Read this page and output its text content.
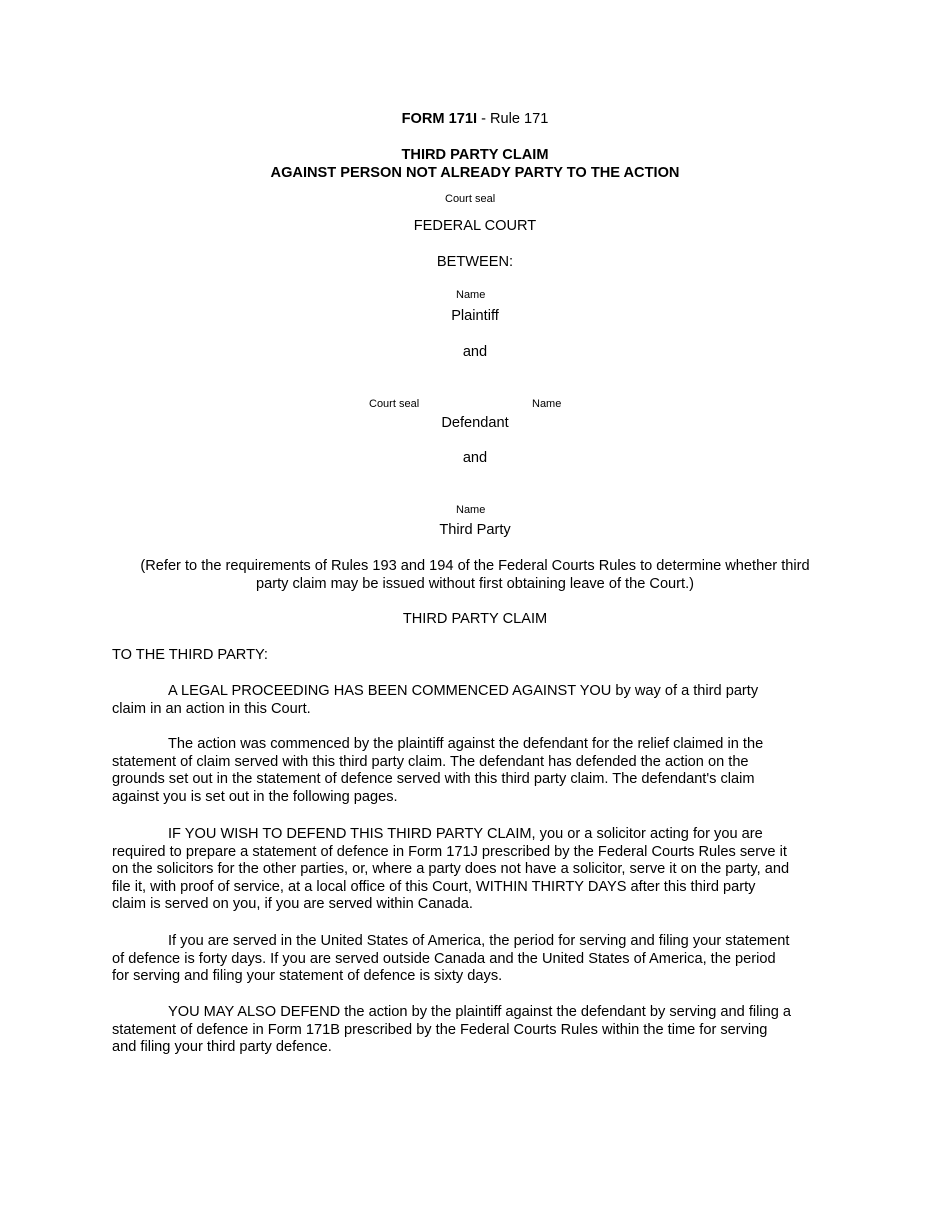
FORM 171I - Rule 171
THIRD PARTY CLAIM
AGAINST PERSON NOT ALREADY PARTY TO THE ACTION
Court seal
FEDERAL COURT
BETWEEN:
Name
Plaintiff
and
Court seal	Name
Defendant
and
Name
Third Party
(Refer to the requirements of Rules 193 and 194 of the Federal Courts Rules to determine whether third
party claim may be issued without first obtaining leave of the Court.)
THIRD PARTY CLAIM
TO THE THIRD PARTY:
A LEGAL PROCEEDING HAS BEEN COMMENCED AGAINST YOU by way of a third party
claim in an action in this Court.
The action was commenced by the plaintiff against the defendant for the relief claimed in the
statement of claim served with this third party claim. The defendant has defended the action on the
grounds set out in the statement of defence served with this third party claim. The defendant's claim
against you is set out in the following pages.
IF YOU WISH TO DEFEND THIS THIRD PARTY CLAIM, you or a solicitor acting for you are
required to prepare a statement of defence in Form 171J prescribed by the Federal Courts Rules serve it
on the solicitors for the other parties, or, where a party does not have a solicitor, serve it on the party, and
file it, with proof of service, at a local office of this Court, WITHIN THIRTY DAYS after this third party
claim is served on you, if you are served within Canada.
If you are served in the United States of America, the period for serving and filing your statement
of defence is forty days. If you are served outside Canada and the United States of America, the period
for serving and filing your statement of defence is sixty days.
YOU MAY ALSO DEFEND the action by the plaintiff against the defendant by serving and filing a
statement of defence in Form 171B prescribed by the Federal Courts Rules within the time for serving
and filing your third party defence.
